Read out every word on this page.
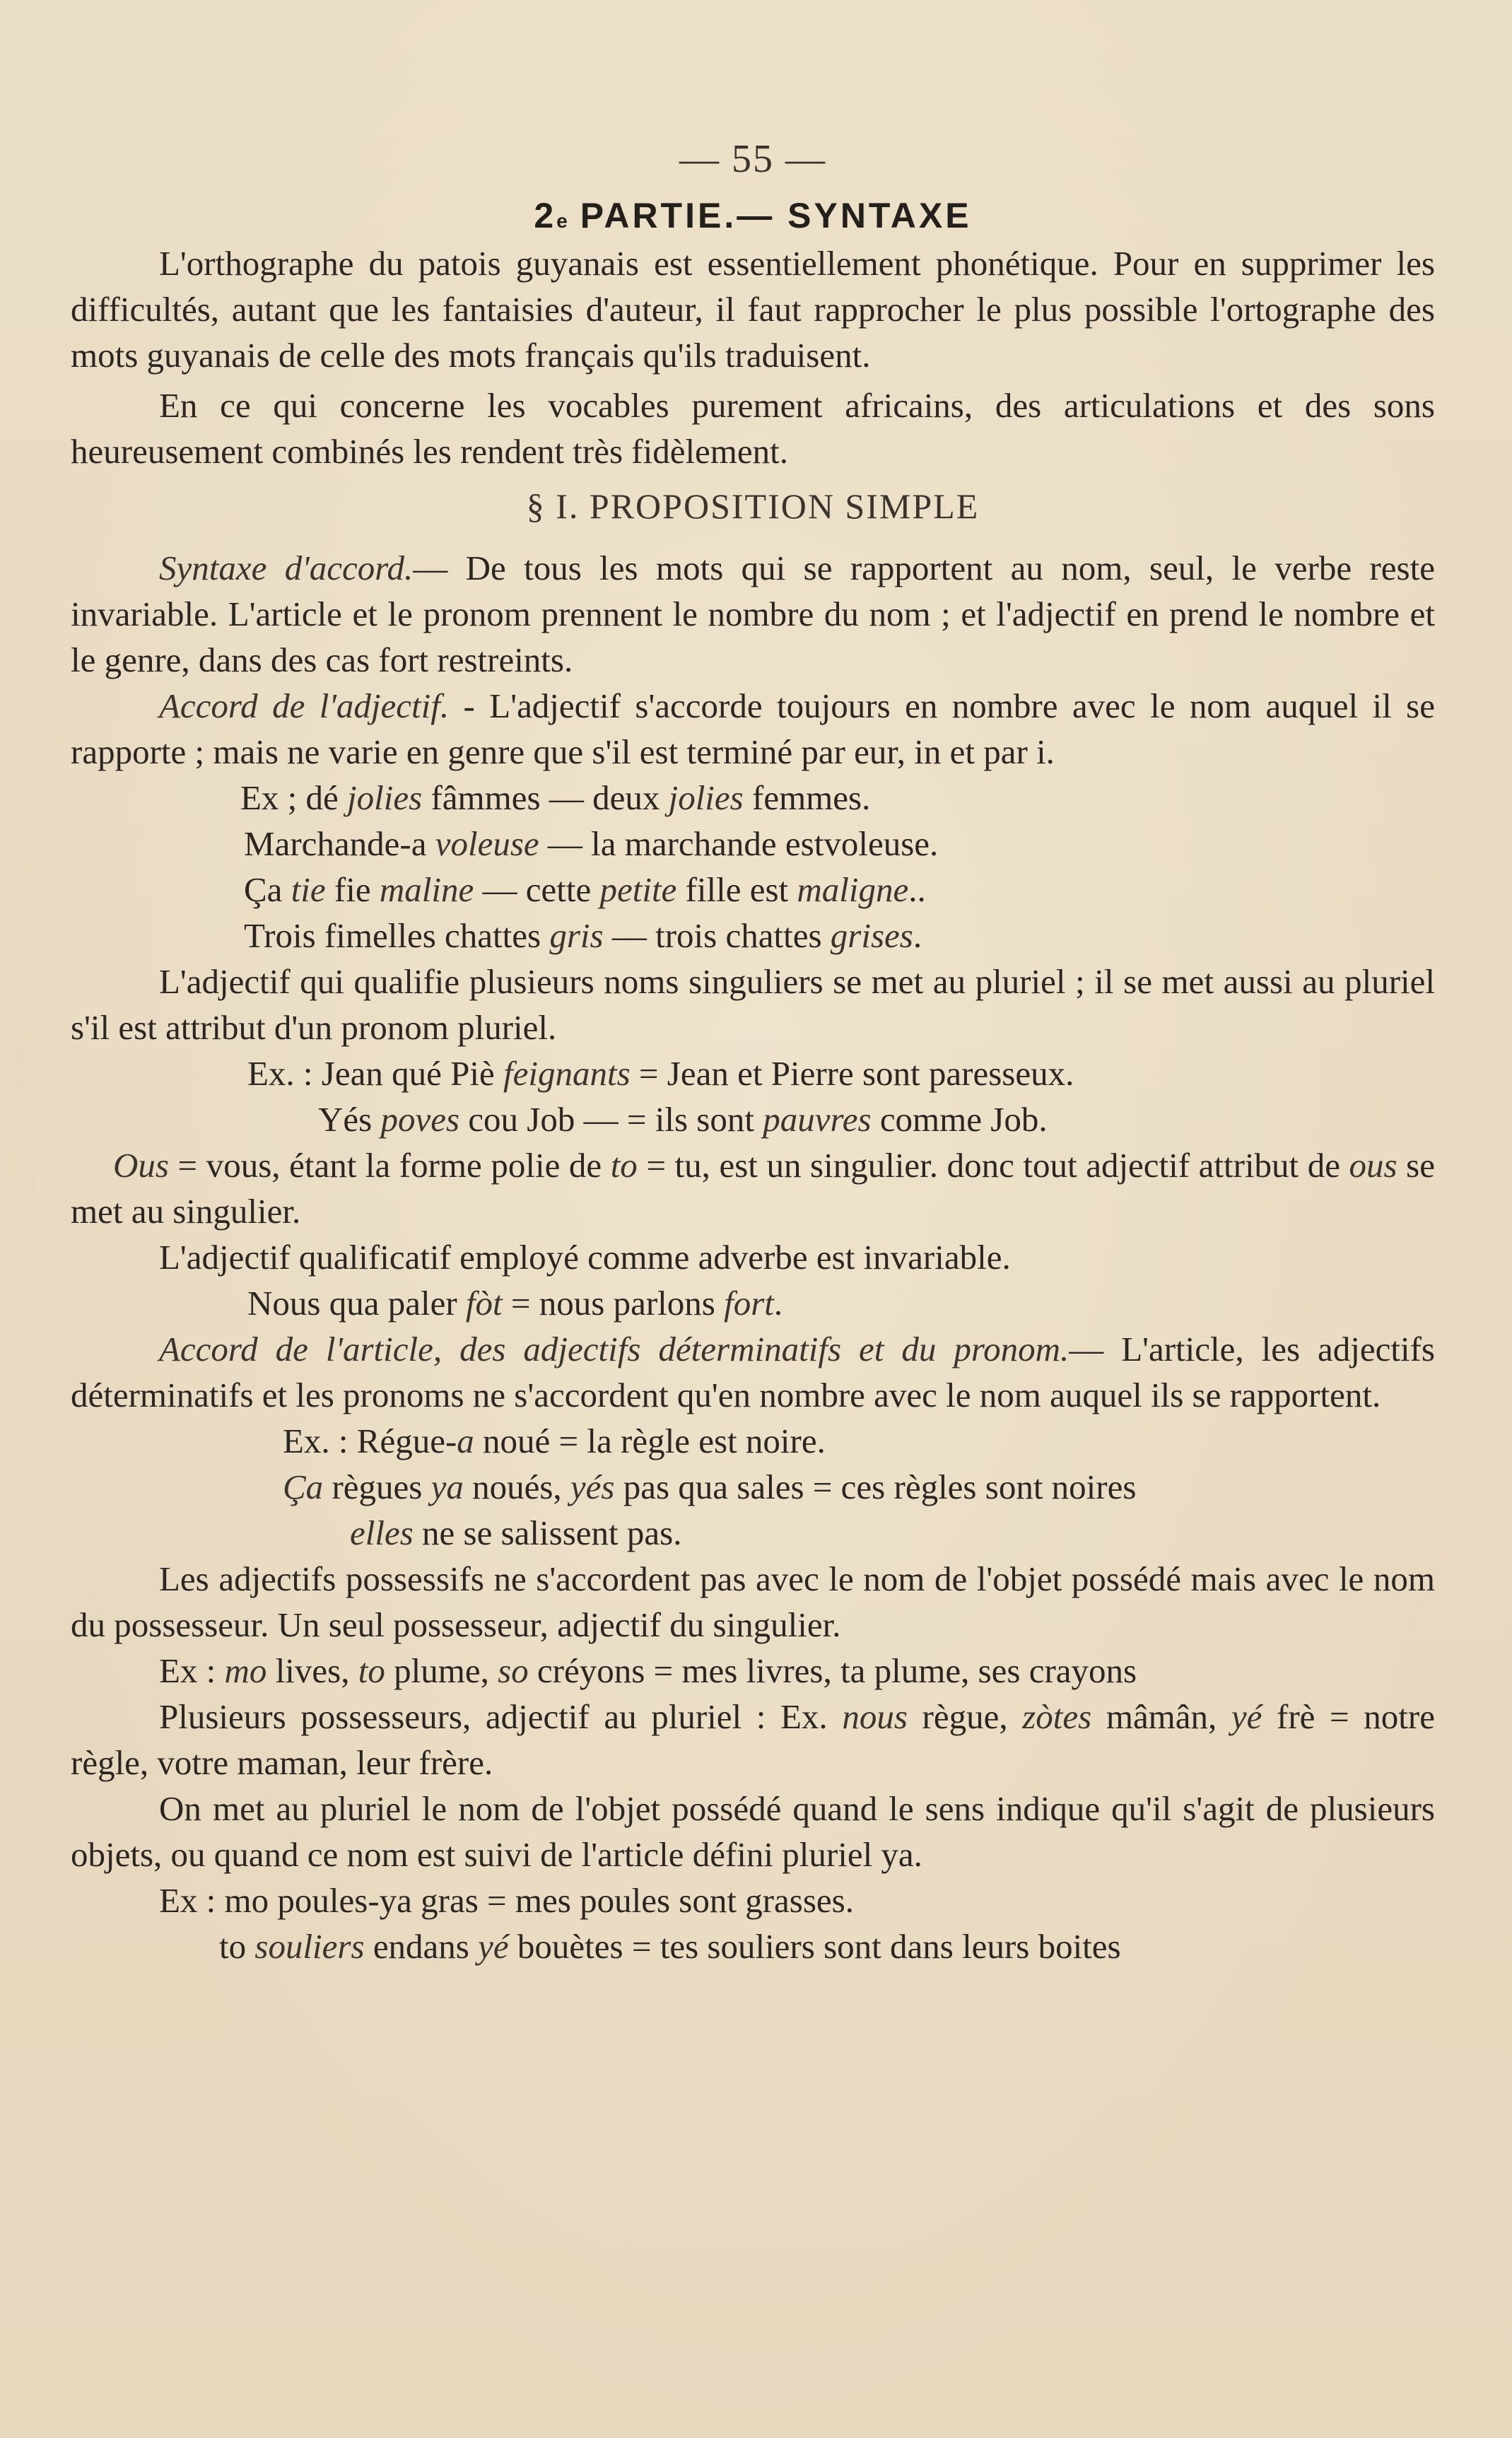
— 55 —
2e PARTIE.— SYNTAXE

L'orthographe du patois guyanais est essentiellement phonétique. Pour en supprimer les difficultés, autant que les fantaisies d'auteur, il faut rapprocher le plus possible l'ortographe des mots guyanais de celle des mots français qu'ils traduisent.

En ce qui concerne les vocables purement africains, des articulations et des sons heureusement combinés les rendent très fidèlement.

§ I. PROPOSITION SIMPLE

Syntaxe d'accord.— De tous les mots qui se rapportent au nom, seul, le verbe reste invariable. L'article et le pronom prennent le nombre du nom ; et l'adjectif en prend le nombre et le genre, dans des cas fort restreints.

Accord de l'adjectif. - L'adjectif s'accorde toujours en nombre avec le nom auquel il se rapporte ; mais ne varie en genre que s'il est terminé par eur, in et par i.

Ex ; dé jolies fâmmes — deux jolies femmes.

Marchande-a voleuse — la marchande estvoleuse.

Ça tie fie maline — cette petite fille est maligne..

Trois fimelles chattes gris — trois chattes grises.

L'adjectif qui qualifie plusieurs noms singuliers se met au pluriel ; il se met aussi au pluriel s'il est attribut d'un pronom pluriel.

Ex. : Jean qué Piè feignants = Jean et Pierre sont paresseux.

Yés poves cou Job — = ils sont pauvres comme Job.

Ous = vous, étant la forme polie de to = tu, est un singulier. donc tout adjectif attribut de ous se met au singulier.

L'adjectif qualificatif employé comme adverbe est invariable.

Nous qua paler fòt = nous parlons fort.

Accord de l'article, des adjectifs déterminatifs et du pronom.— L'article, les adjectifs déterminatifs et les pronoms ne s'accordent qu'en nombre avec le nom auquel ils se rapportent.

Ex. : Régue-a noué = la règle est noire.

Ça règues ya noués, yés pas qua sales = ces règles sont noires

elles ne se salissent pas.

Les adjectifs possessifs ne s'accordent pas avec le nom de l'objet possédé mais avec le nom du possesseur. Un seul possesseur, adjectif du singulier.

Ex : mo lives, to plume, so créyons = mes livres, ta plume, ses crayons

Plusieurs possesseurs, adjectif au pluriel : Ex. nous règue, zòtes mâmân, yé frè = notre règle, votre maman, leur frère.

On met au pluriel le nom de l'objet possédé quand le sens indique qu'il s'agit de plusieurs objets, ou quand ce nom est suivi de l'article défini pluriel ya.

Ex : mo poules-ya gras = mes poules sont grasses.

to souliers endans yé bouètes = tes souliers sont dans leurs boites
